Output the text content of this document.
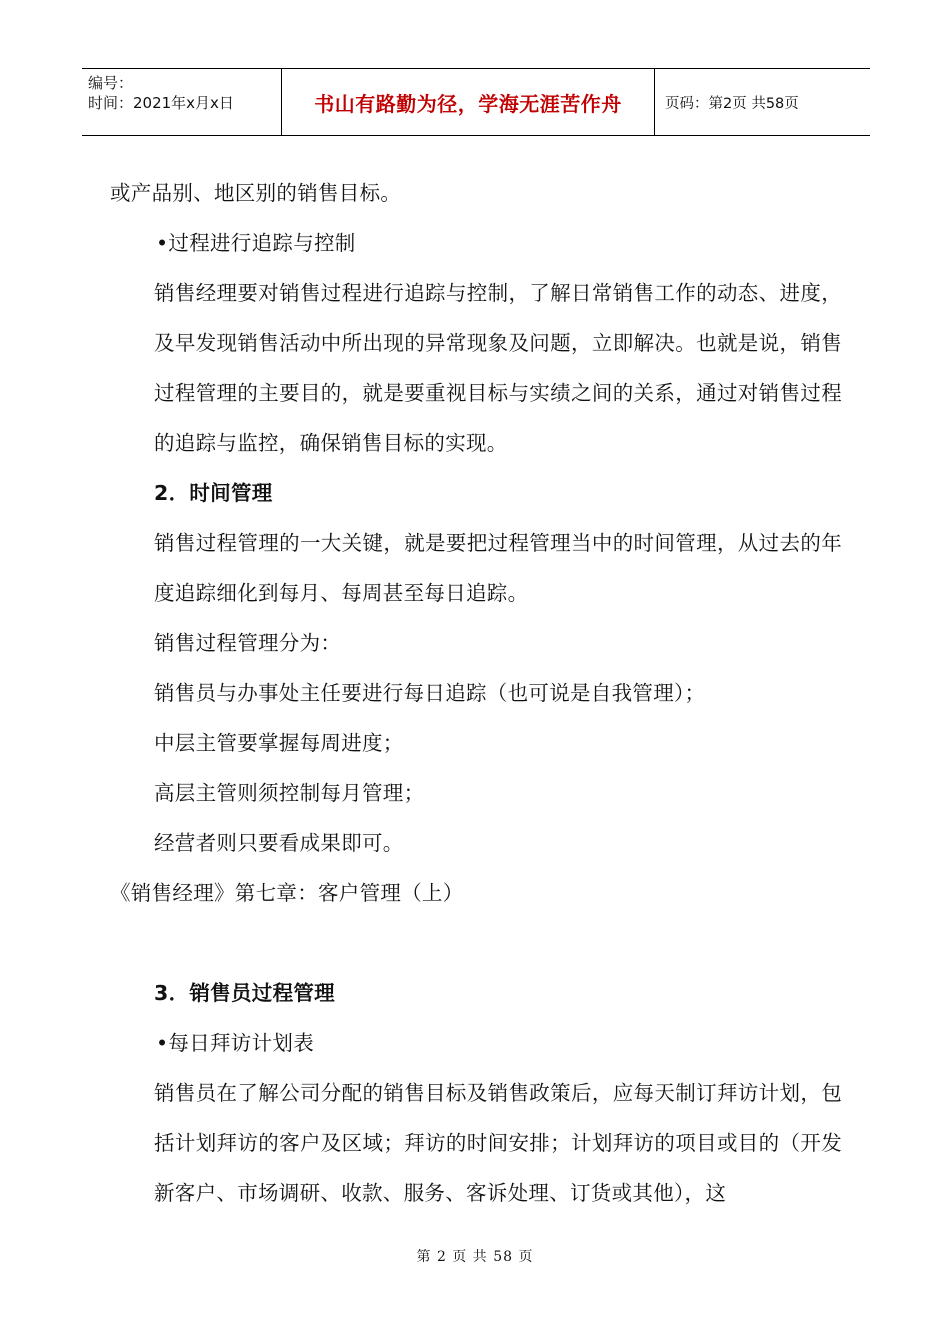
编号：
时间：2021年x月x日	书山有路勤为径，学海无涯苦作舟	页码：第2页 共58页

或产品别、地区别的销售目标。

•过程进行追踪与控制

销售经理要对销售过程进行追踪与控制，了解日常销售工作的动态、进度，及早发现销售活动中所出现的异常现象及问题，立即解决。也就是说，销售过程管理的主要目的，就是要重视目标与实绩之间的关系，通过对销售过程的追踪与监控，确保销售目标的实现。

2．时间管理

销售过程管理的一大关键，就是要把过程管理当中的时间管理，从过去的年度追踪细化到每月、每周甚至每日追踪。

销售过程管理分为：

销售员与办事处主任要进行每日追踪（也可说是自我管理）；

中层主管要掌握每周进度；

高层主管则须控制每月管理；

经营者则只要看成果即可。

《销售经理》第七章：客户管理（上）

3．销售员过程管理

•每日拜访计划表

销售员在了解公司分配的销售目标及销售政策后，应每天制订拜访计划，包括计划拜访的客户及区域；拜访的时间安排；计划拜访的项目或目的（开发新客户、市场调研、收款、服务、客诉处理、订货或其他），这

第 2 页 共 58 页
